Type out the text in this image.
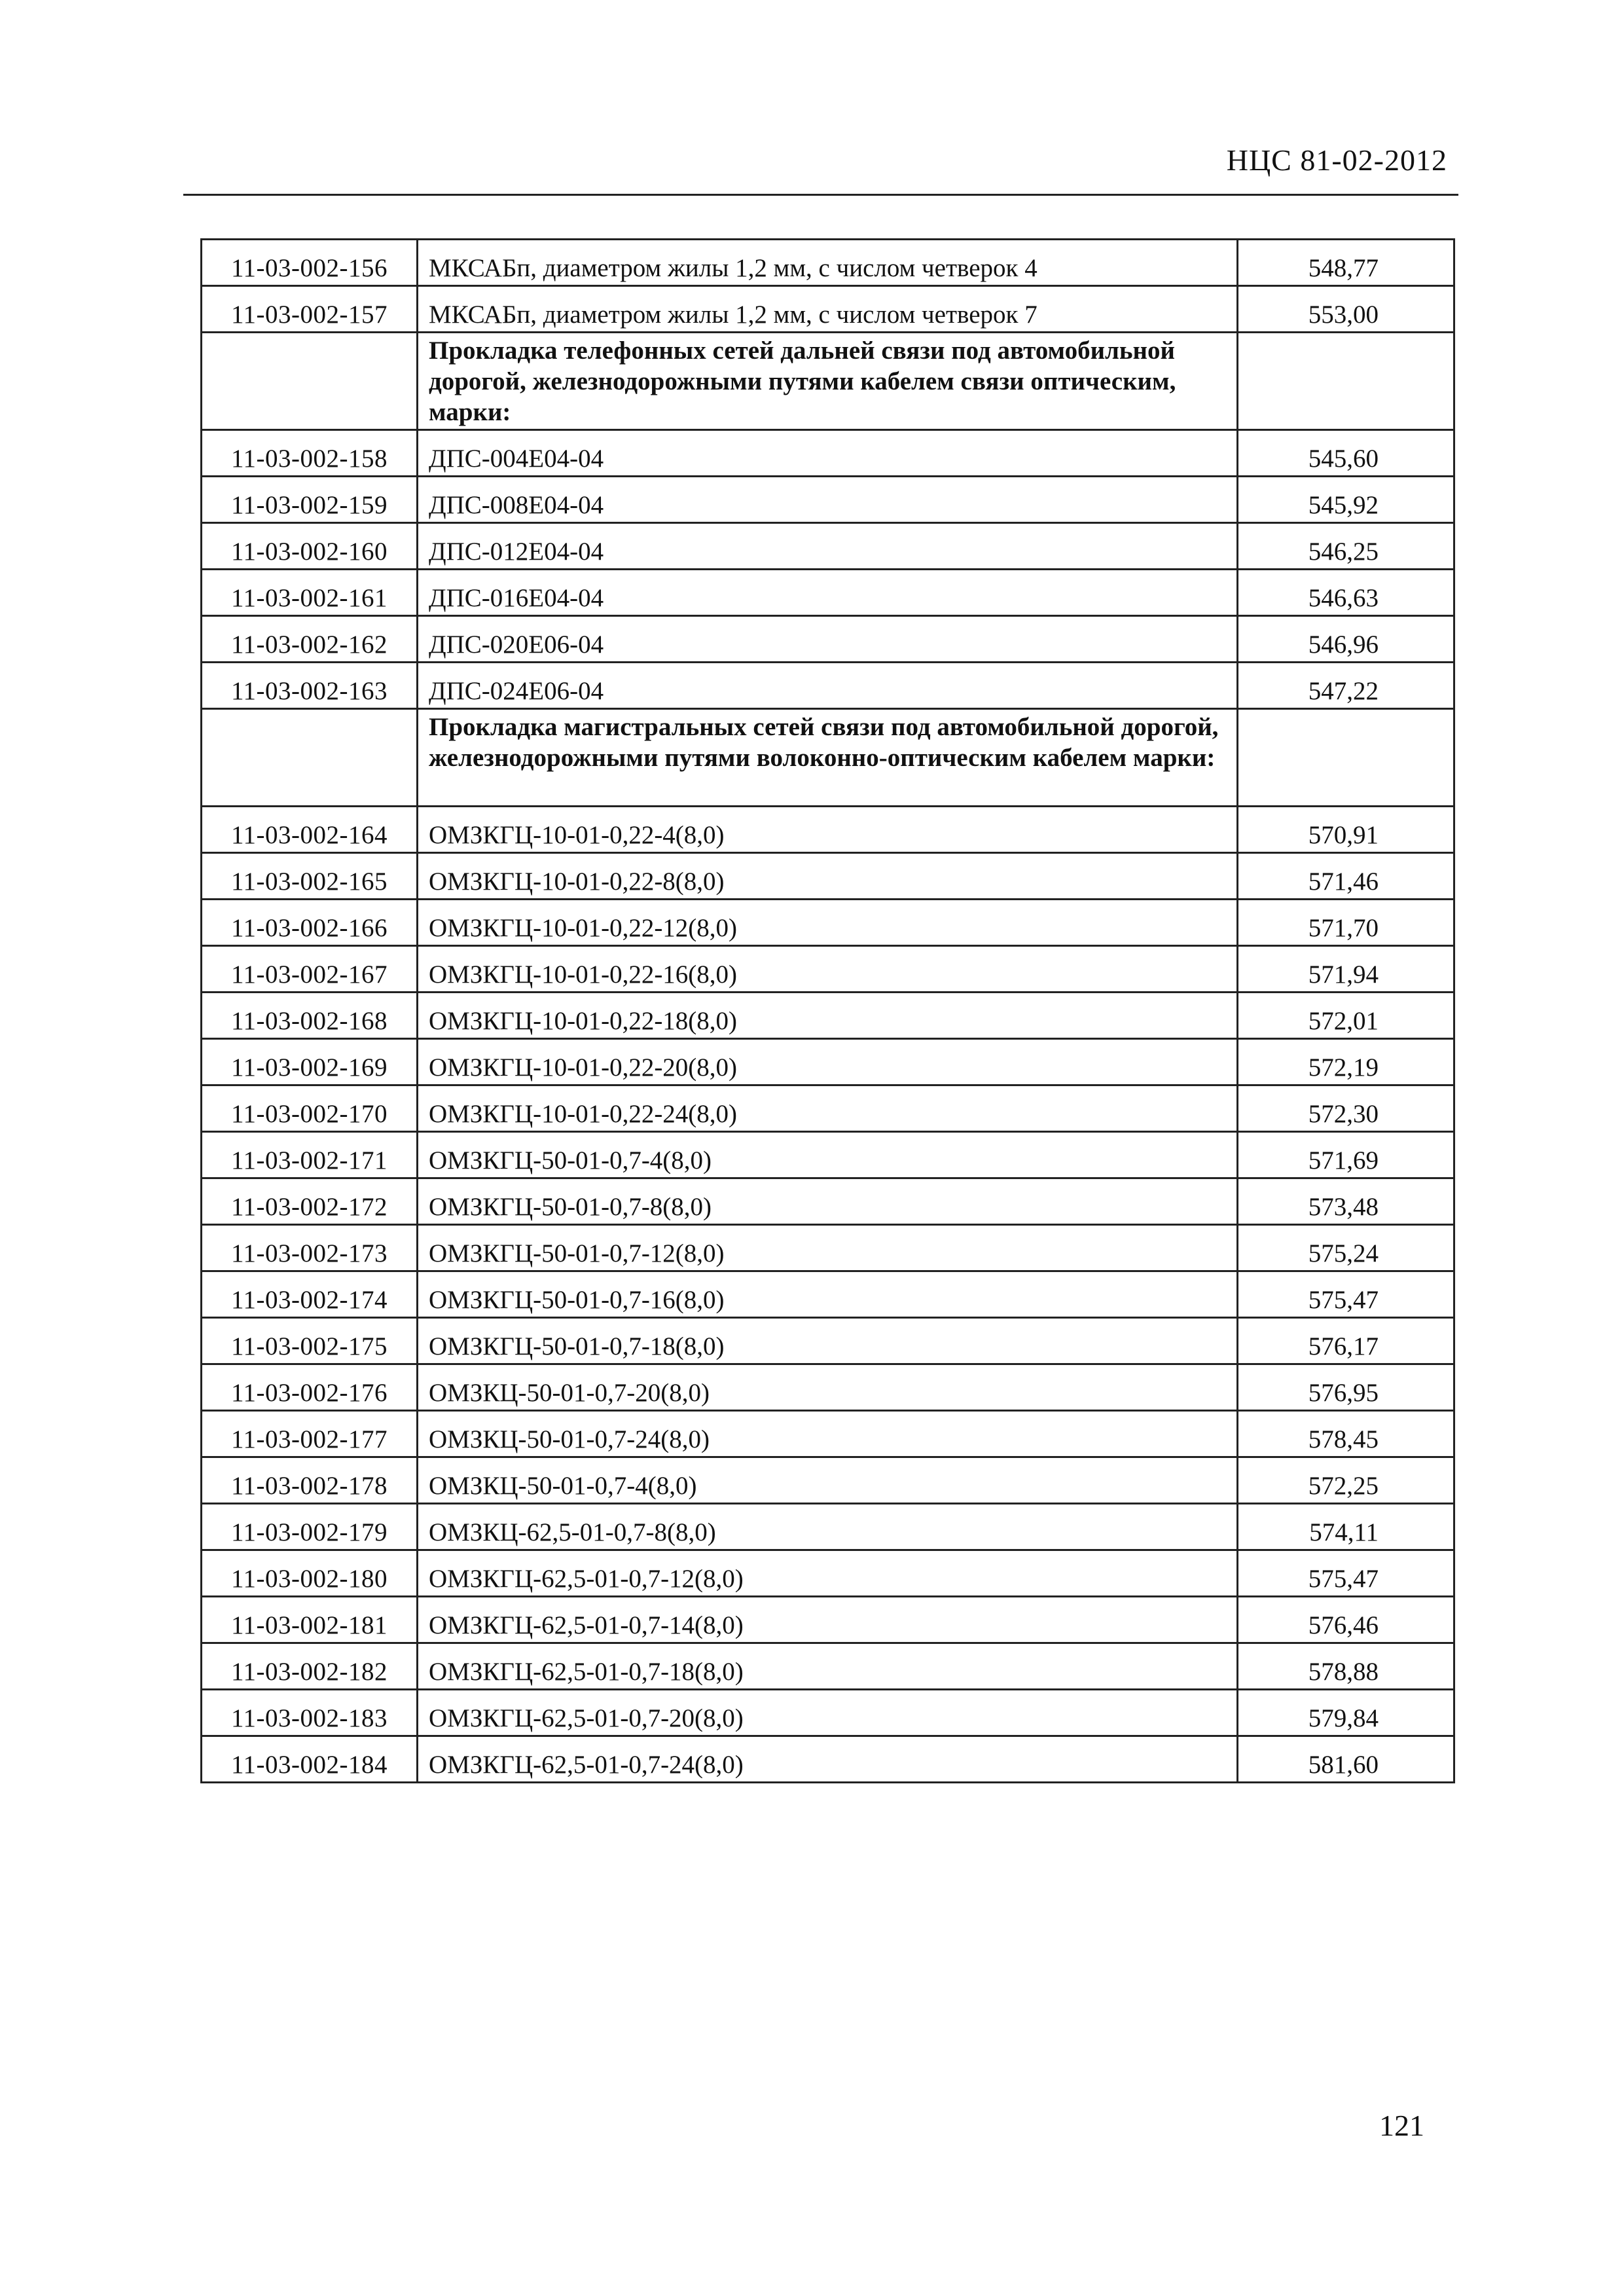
НЦС 81-02-2012
11-03-002-156	МКСАБп, диаметром жилы 1,2 мм, с числом четверок 4	548,77
11-03-002-157	МКСАБп, диаметром жилы 1,2 мм, с числом четверок 7	553,00
	Прокладка телефонных сетей дальней связи под автомобильной дорогой, железнодорожными путями кабелем связи оптическим, марки:	
11-03-002-158	ДПС-004Е04-04	545,60
11-03-002-159	ДПС-008Е04-04	545,92
11-03-002-160	ДПС-012Е04-04	546,25
11-03-002-161	ДПС-016Е04-04	546,63
11-03-002-162	ДПС-020Е06-04	546,96
11-03-002-163	ДПС-024Е06-04	547,22
	Прокладка магистральных сетей связи под автомобильной дорогой, железнодорожными путями волоконно-оптическим кабелем марки:	
11-03-002-164	ОМЗКГЦ-10-01-0,22-4(8,0)	570,91
11-03-002-165	ОМЗКГЦ-10-01-0,22-8(8,0)	571,46
11-03-002-166	ОМЗКГЦ-10-01-0,22-12(8,0)	571,70
11-03-002-167	ОМЗКГЦ-10-01-0,22-16(8,0)	571,94
11-03-002-168	ОМЗКГЦ-10-01-0,22-18(8,0)	572,01
11-03-002-169	ОМЗКГЦ-10-01-0,22-20(8,0)	572,19
11-03-002-170	ОМЗКГЦ-10-01-0,22-24(8,0)	572,30
11-03-002-171	ОМЗКГЦ-50-01-0,7-4(8,0)	571,69
11-03-002-172	ОМЗКГЦ-50-01-0,7-8(8,0)	573,48
11-03-002-173	ОМЗКГЦ-50-01-0,7-12(8,0)	575,24
11-03-002-174	ОМЗКГЦ-50-01-0,7-16(8,0)	575,47
11-03-002-175	ОМЗКГЦ-50-01-0,7-18(8,0)	576,17
11-03-002-176	ОМЗКЦ-50-01-0,7-20(8,0)	576,95
11-03-002-177	ОМЗКЦ-50-01-0,7-24(8,0)	578,45
11-03-002-178	ОМЗКЦ-50-01-0,7-4(8,0)	572,25
11-03-002-179	ОМЗКЦ-62,5-01-0,7-8(8,0)	574,11
11-03-002-180	ОМЗКГЦ-62,5-01-0,7-12(8,0)	575,47
11-03-002-181	ОМЗКГЦ-62,5-01-0,7-14(8,0)	576,46
11-03-002-182	ОМЗКГЦ-62,5-01-0,7-18(8,0)	578,88
11-03-002-183	ОМЗКГЦ-62,5-01-0,7-20(8,0)	579,84
11-03-002-184	ОМЗКГЦ-62,5-01-0,7-24(8,0)	581,60
121
